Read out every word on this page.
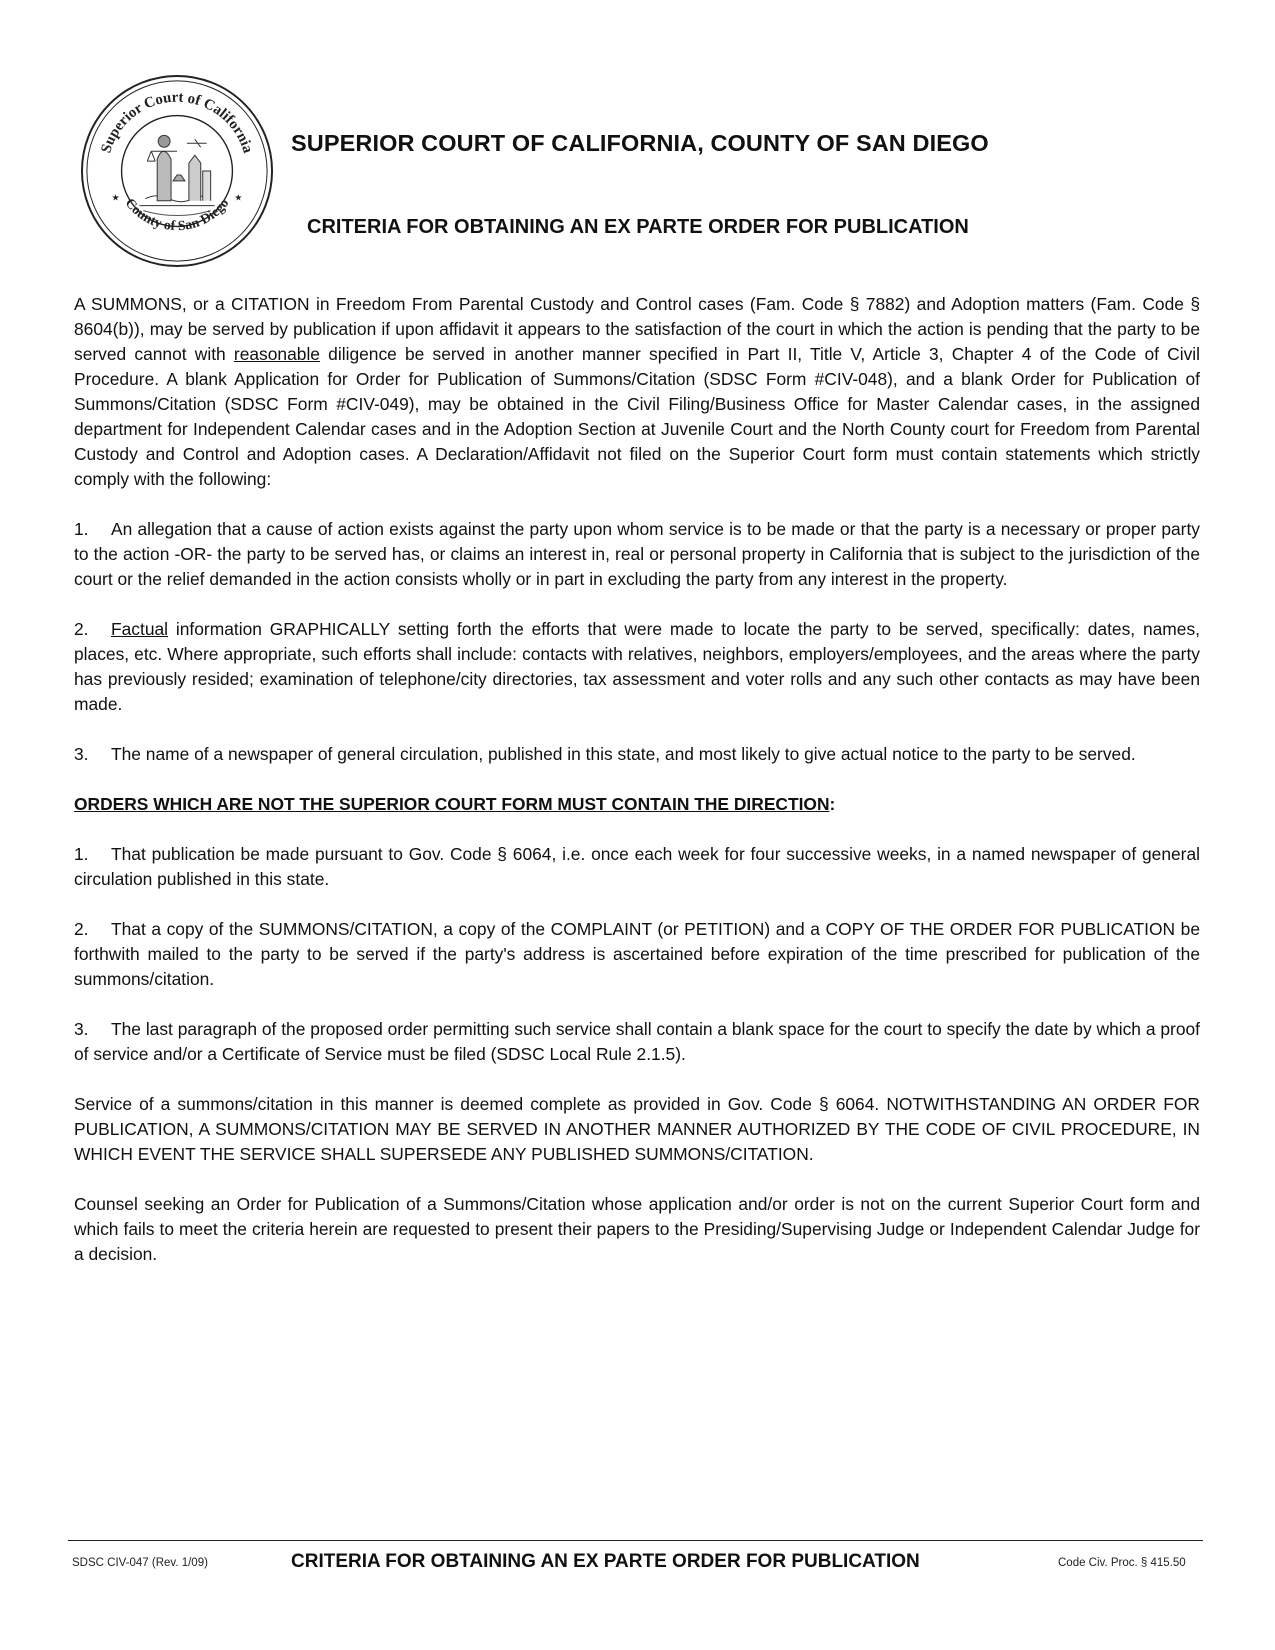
Superior Court of California
County of San Diego
★	★
SUPERIOR COURT OF CALIFORNIA, COUNTY OF SAN DIEGO
CRITERIA FOR OBTAINING AN EX PARTE ORDER FOR PUBLICATION

A SUMMONS, or a CITATION in Freedom From Parental Custody and Control cases (Fam. Code § 7882) and Adoption matters (Fam. Code § 8604(b)), may be served by publication if upon affidavit it appears to the satisfaction of the court in which the action is pending that the party to be served cannot with reasonable diligence be served in another manner specified in Part II, Title V, Article 3, Chapter 4 of the Code of Civil Procedure. A blank Application for Order for Publication of Summons/Citation (SDSC Form #CIV-048), and a blank Order for Publication of Summons/Citation (SDSC Form #CIV-049), may be obtained in the Civil Filing/Business Office for Master Calendar cases, in the assigned department for Independent Calendar cases and in the Adoption Section at Juvenile Court and the North County court for Freedom from Parental Custody and Control and Adoption cases. A Declaration/Affidavit not filed on the Superior Court form must contain statements which strictly comply with the following:

1. An allegation that a cause of action exists against the party upon whom service is to be made or that the party is a necessary or proper party to the action -OR- the party to be served has, or claims an interest in, real or personal property in California that is subject to the jurisdiction of the court or the relief demanded in the action consists wholly or in part in excluding the party from any interest in the property.

2. Factual information GRAPHICALLY setting forth the efforts that were made to locate the party to be served, specifically: dates, names, places, etc. Where appropriate, such efforts shall include: contacts with relatives, neighbors, employers/employees, and the areas where the party has previously resided; examination of telephone/city directories, tax assessment and voter rolls and any such other contacts as may have been made.

3. The name of a newspaper of general circulation, published in this state, and most likely to give actual notice to the party to be served.

ORDERS WHICH ARE NOT THE SUPERIOR COURT FORM MUST CONTAIN THE DIRECTION:

1. That publication be made pursuant to Gov. Code § 6064, i.e. once each week for four successive weeks, in a named newspaper of general circulation published in this state.

2. That a copy of the SUMMONS/CITATION, a copy of the COMPLAINT (or PETITION) and a COPY OF THE ORDER FOR PUBLICATION be forthwith mailed to the party to be served if the party's address is ascertained before expiration of the time prescribed for publication of the summons/citation.

3. The last paragraph of the proposed order permitting such service shall contain a blank space for the court to specify the date by which a proof of service and/or a Certificate of Service must be filed (SDSC Local Rule 2.1.5).

Service of a summons/citation in this manner is deemed complete as provided in Gov. Code § 6064. NOTWITHSTANDING AN ORDER FOR PUBLICATION, A SUMMONS/CITATION MAY BE SERVED IN ANOTHER MANNER AUTHORIZED BY THE CODE OF CIVIL PROCEDURE, IN WHICH EVENT THE SERVICE SHALL SUPERSEDE ANY PUBLISHED SUMMONS/CITATION.

Counsel seeking an Order for Publication of a Summons/Citation whose application and/or order is not on the current Superior Court form and which fails to meet the criteria herein are requested to present their papers to the Presiding/Supervising Judge or Independent Calendar Judge for a decision.

SDSC CIV-047 (Rev. 1/09)	CRITERIA FOR OBTAINING AN EX PARTE ORDER FOR PUBLICATION	Code Civ. Proc. § 415.50
